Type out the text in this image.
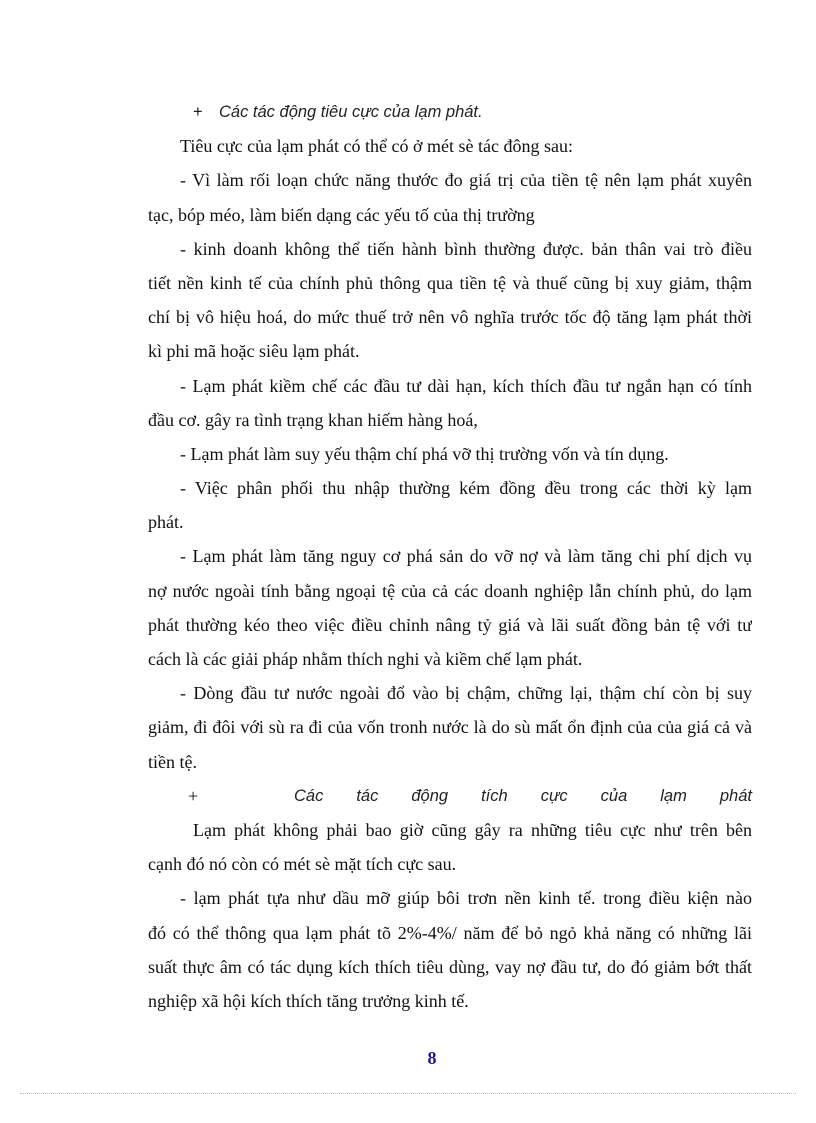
+ Các tác động tiêu cực của lạm phát.
Tiêu cực của lạm phát có thể có ở mét sè tác đông sau:
- Vì làm rối loạn chức năng thước đo giá trị của tiền tệ nên lạm phát xuyên
tạc, bóp méo, làm biến dạng các yếu tố của thị trường
- kinh doanh không thể tiến hành bình thường được. bản thân vai trò điều
tiết nền kinh tế của chính phủ thông qua tiền tệ và thuế cũng bị xuy giảm, thậm
chí bị vô hiệu hoá, do mức thuế trở nên vô nghĩa trước tốc độ tăng lạm phát thời
kì phi mã hoặc siêu lạm phát.
- Lạm phát kiềm chế các đầu tư dài hạn, kích thích đầu tư ngắn hạn có tính
đầu cơ. gây ra tình trạng khan hiếm hàng hoá,
- Lạm phát làm suy yếu thậm chí phá vỡ thị trường vốn và tín dụng.
- Việc phân phối thu nhập thường kém đồng đều trong các thời kỳ lạm
phát.
- Lạm phát làm tăng nguy cơ phá sản do vỡ nợ và làm tăng chi phí dịch vụ
nợ nước ngoài tính bằng ngoại tệ của cả các doanh nghiệp lẫn chính phủ, do lạm
phát thường kéo theo việc điều chỉnh nâng tỷ giá và lãi suất đồng bản tệ với tư
cách là các giải pháp nhằm thích nghi và kiềm chế lạm phát.
- Dòng đầu tư nước ngoài đổ vào bị chậm, chững lại, thậm chí còn bị suy
giảm, đi đôi với sù ra đi của vốn tronh nước là do sù mất ổn định của của giá cả và
tiền tệ.
+	Các tác động tích cực của lạm phát
Lạm phát không phải bao giờ cũng gây ra những tiêu cực như trên bên
cạnh đó nó còn có mét sè mặt tích cực sau.
- lạm phát tựa như dầu mỡ giúp bôi trơn nền kinh tế. trong điều kiện nào
đó có thể thông qua lạm phát tõ 2%-4%/ năm để bỏ ngỏ khả năng có những lãi
suất thực âm có tác dụng kích thích tiêu dùng, vay nợ đầu tư, do đó giảm bớt thất
nghiệp xã hội kích thích tăng trưởng kinh tế.
8
